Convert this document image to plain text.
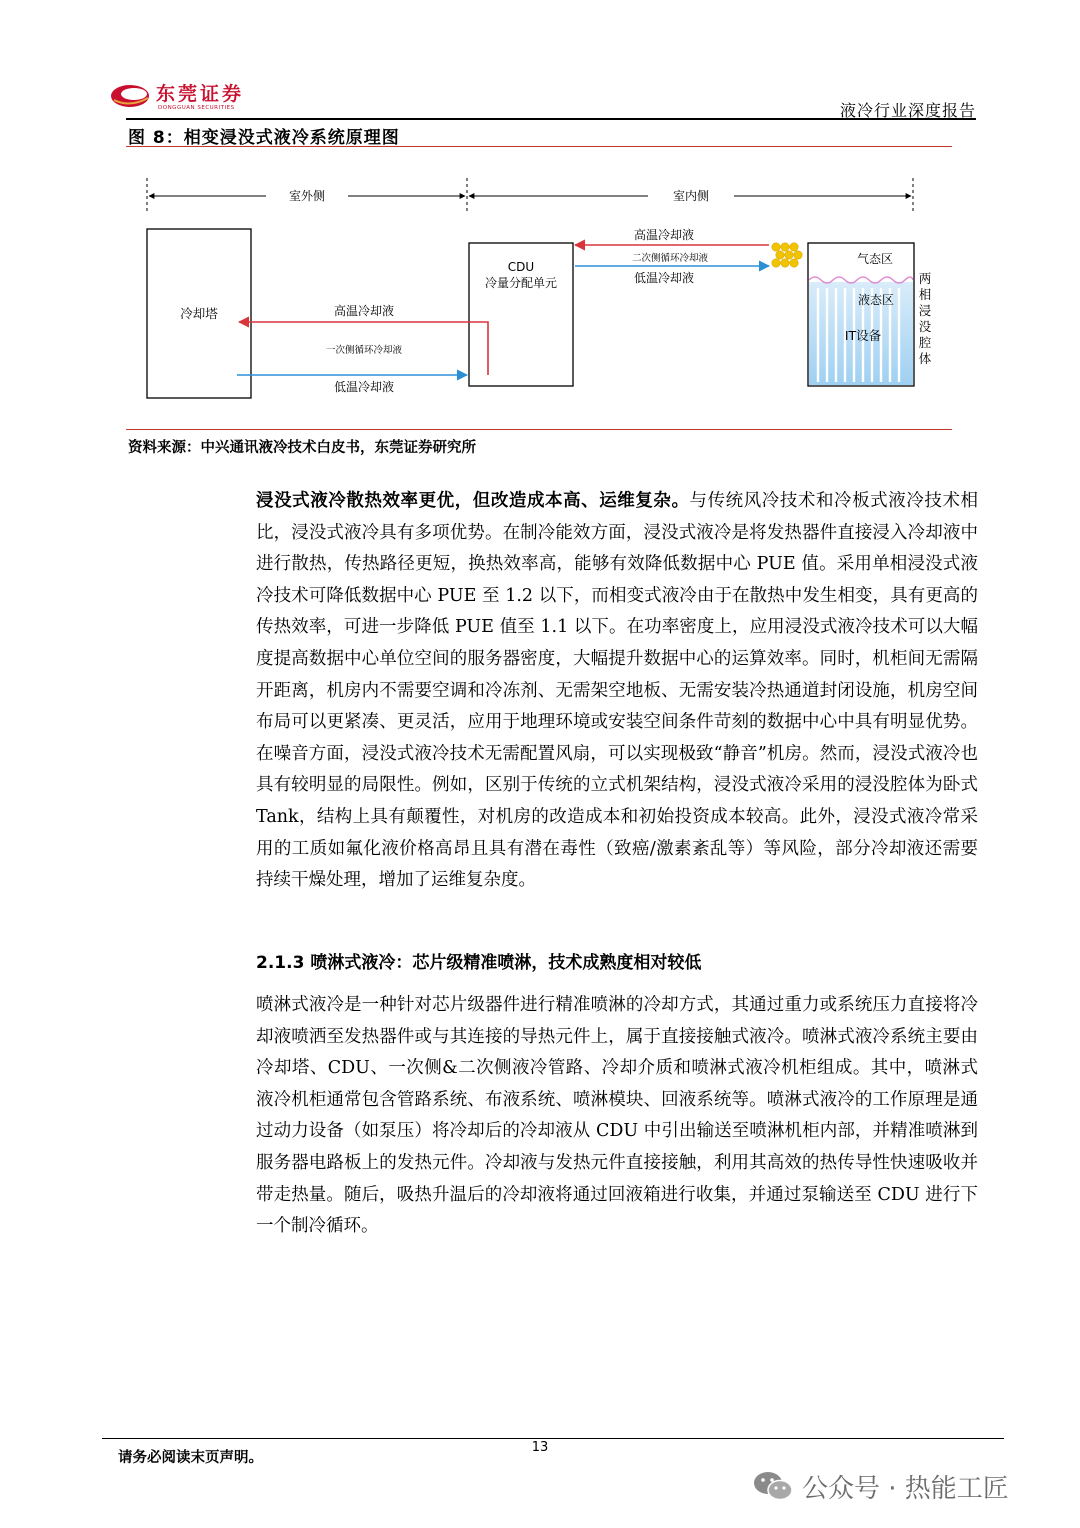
东莞证券
DONGGUAN SECURITIES	液冷行业深度报告
图 8：相变浸没式液冷系统原理图
室外侧	室内侧
冷却塔
CDU
冷量分配单元
高温冷却液
一次侧循环冷却液
低温冷却液
高温冷却液
二次侧循环冷却液
低温冷却液
气态区
液态区
IT设备
两
相
浸
没
腔
体
资料来源：中兴通讯液冷技术白皮书，东莞证券研究所

浸没式液冷散热效率更优，但改造成本高、运维复杂。与传统风冷技术和冷板式液冷技术相比，浸没式液冷具有多项优势。在制冷能效方面，浸没式液冷是将发热器件直接浸入冷却液中进行散热，传热路径更短，换热效率高，能够有效降低数据中心 PUE 值。采用单相浸没式液冷技术可降低数据中心 PUE 至 1.2 以下，而相变式液冷由于在散热中发生相变，具有更高的传热效率，可进一步降低 PUE 值至 1.1 以下。在功率密度上，应用浸没式液冷技术可以大幅度提高数据中心单位空间的服务器密度，大幅提升数据中心的运算效率。同时，机柜间无需隔开距离，机房内不需要空调和冷冻剂、无需架空地板、无需安装冷热通道封闭设施，机房空间布局可以更紧凑、更灵活，应用于地理环境或安装空间条件苛刻的数据中心中具有明显优势。在噪音方面，浸没式液冷技术无需配置风扇，可以实现极致“静音”机房。然而，浸没式液冷也具有较明显的局限性。例如，区别于传统的立式机架结构，浸没式液冷采用的浸没腔体为卧式 Tank，结构上具有颠覆性，对机房的改造成本和初始投资成本较高。此外，浸没式液冷常采用的工质如氟化液价格高昂且具有潜在毒性（致癌/激素紊乱等）等风险，部分冷却液还需要持续干燥处理，增加了运维复杂度。

2.1.3 喷淋式液冷：芯片级精准喷淋，技术成熟度相对较低

喷淋式液冷是一种针对芯片级器件进行精准喷淋的冷却方式，其通过重力或系统压力直接将冷却液喷洒至发热器件或与其连接的导热元件上，属于直接接触式液冷。喷淋式液冷系统主要由冷却塔、CDU、一次侧&二次侧液冷管路、冷却介质和喷淋式液冷机柜组成。其中，喷淋式液冷机柜通常包含管路系统、布液系统、喷淋模块、回液系统等。喷淋式液冷的工作原理是通过动力设备（如泵压）将冷却后的冷却液从 CDU 中引出输送至喷淋机柜内部，并精准喷淋到服务器电路板上的发热元件。冷却液与发热元件直接接触，利用其高效的热传导性快速吸收并带走热量。随后，吸热升温后的冷却液将通过回液箱进行收集，并通过泵输送至 CDU 进行下一个制冷循环。

13
请务必阅读末页声明。
公众号 · 热能工匠
